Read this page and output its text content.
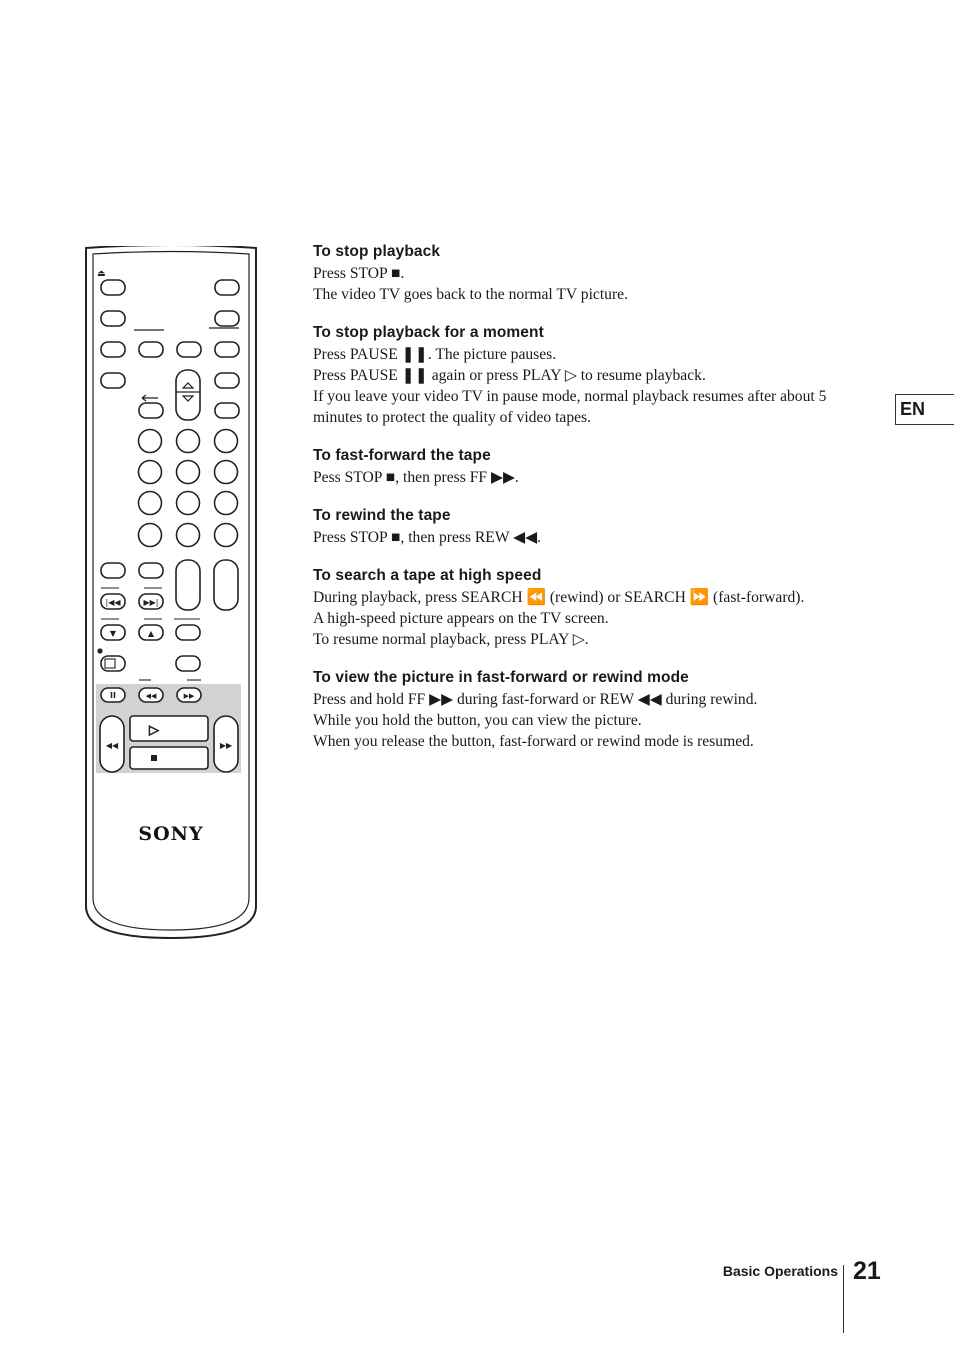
⏏
|◀◀	▶▶|
▼	▲
II	◀◀	▶▶
◀◀	▶▶
▷
SONY
To stop playback

Press STOP ■.

The video TV goes back to the normal TV picture.

To stop playback for a moment

Press PAUSE ❚❚. The picture pauses.

Press PAUSE ❚❚ again or press PLAY ▷ to resume playback.

If you leave your video TV in pause mode, normal playback resumes after about 5 minutes to protect the quality of video tapes.

To fast-forward the tape

Pess STOP ■, then press FF ▶▶.

To rewind the tape

Press STOP ■, then press REW ◀◀.

To search a tape at high speed

During playback, press SEARCH ⏪ (rewind) or SEARCH ⏩ (fast-forward).

A high-speed picture appears on the TV screen.

To resume normal playback, press PLAY ▷.

To view the picture in fast-forward or rewind mode

Press and hold FF ▶▶ during fast-forward or REW ◀◀ during rewind.

While you hold the button, you can view the picture.

When you release the button, fast-forward or rewind mode is resumed.

EN
Basic Operations 21
